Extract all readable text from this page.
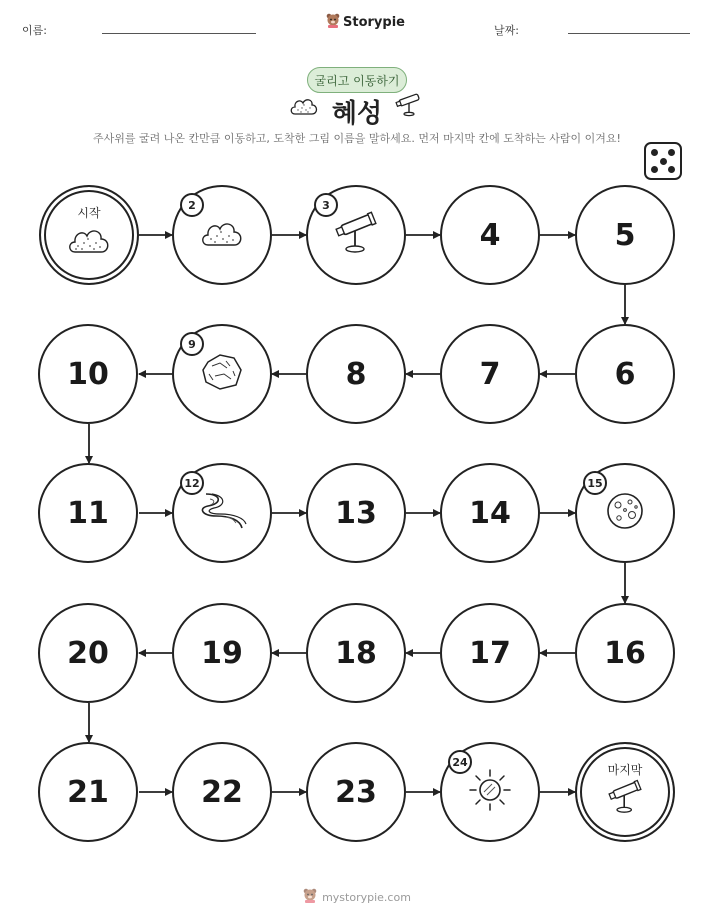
이름:
Storypie
날짜:
굴리고 이동하기
혜성
주사위를 굴려 나온 칸만큼 이동하고, 도착한 그림 이름을 말하세요. 먼저 마지막 칸에 도착하는 사람이 이겨요!
시작
2	3
4	5
6
7
8
9
10
11
12
13	14
15
16
17
18
19
20
21	22	23
24
마지막
mystorypie.com
